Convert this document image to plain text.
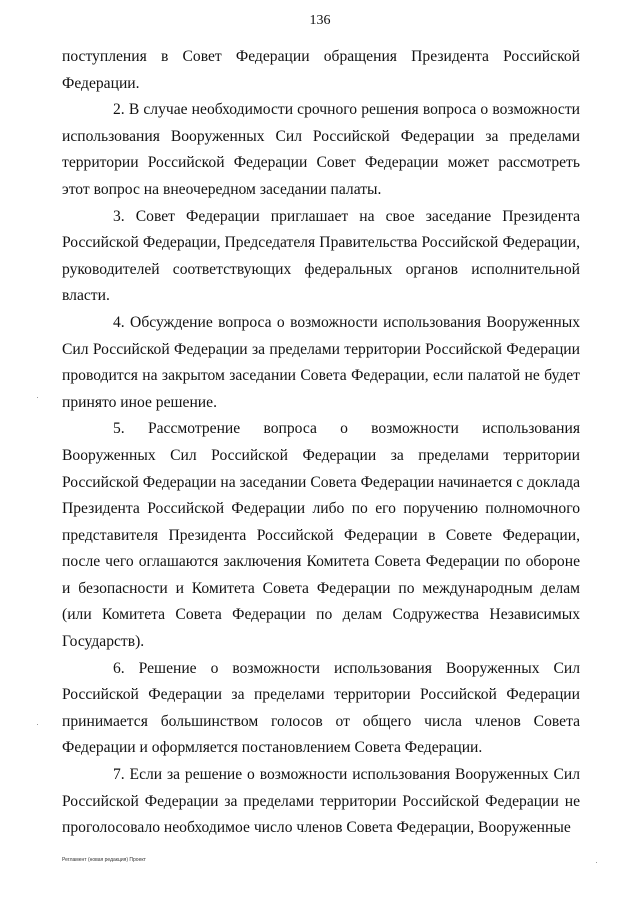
136

поступления в Совет Федерации обращения Президента Российской Федерации.

2. В случае необходимости срочного решения вопроса о возможности использования Вооруженных Сил Российской Федерации за пределами территории Российской Федерации Совет Федерации может рассмотреть этот вопрос на внеочередном заседании палаты.

3. Совет Федерации приглашает на свое заседание Президента Российской Федерации, Председателя Правительства Российской Федерации, руководителей соответствующих федеральных органов исполнительной власти.

4. Обсуждение вопроса о возможности использования Вооруженных Сил Российской Федерации за пределами территории Российской Федерации проводится на закрытом заседании Совета Федерации, если палатой не будет принято иное решение.

5. Рассмотрение вопроса о возможности использования Вооруженных Сил Российской Федерации за пределами территории Российской Федерации на заседании Совета Федерации начинается с доклада Президента Российской Федерации либо по его поручению полномочного представителя Президента Российской Федерации в Совете Федерации, после чего оглашаются заключения Комитета Совета Федерации по обороне и безопасности и Комитета Совета Федерации по международным делам (или Комитета Совета Федерации по делам Содружества Независимых Государств).

6. Решение о возможности использования Вооруженных Сил Российской Федерации за пределами территории Российской Федерации принимается большинством голосов от общего числа членов Совета Федерации и оформляется постановлением Совета Федерации.

7. Если за решение о возможности использования Вооруженных Сил Российской Федерации за пределами территории Российской Федерации не проголосовало необходимое число членов Совета Федерации, Вооруженные

Регламент (новая редакция) Проект
